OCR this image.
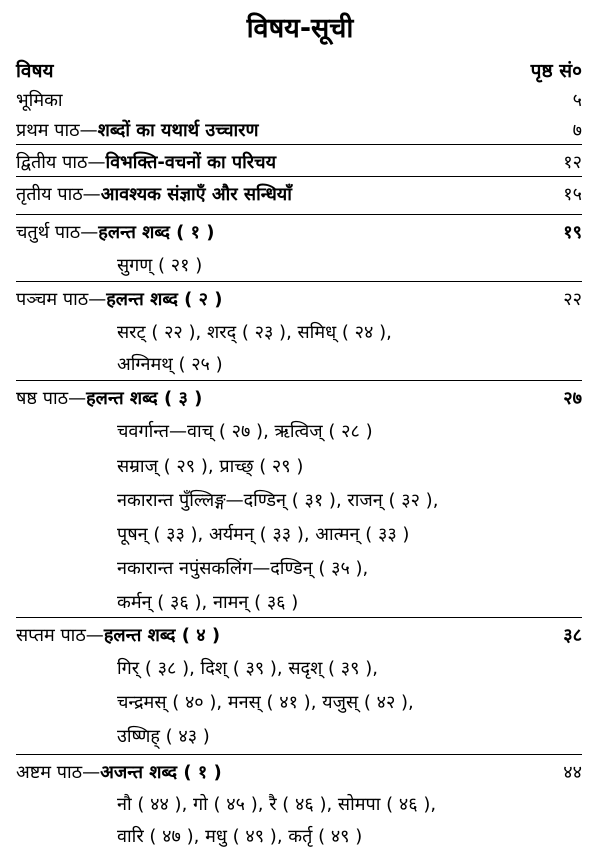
विषय-सूची
विषय	पृष्ठ सं०
भूमिका	५
प्रथम पाठ—शब्दों का यथार्थ उच्चारण	७
द्वितीय पाठ—विभक्ति-वचनों का परिचय	१२
तृतीय पाठ—आवश्यक संज्ञाएँ और सन्धियाँ	१५
चतुर्थ पाठ—हलन्त शब्द ( १ )	१९
सुगण् ( २१ )
पञ्चम पाठ—हलन्त शब्द ( २ )	२२
सरट् ( २२ ), शरद् ( २३ ), समिध् ( २४ ),
अग्निमथ् ( २५ )
षष्ठ पाठ—हलन्त शब्द ( ३ )	२७
चवर्गान्त—वाच् ( २७ ), ऋत्विज् ( २८ )
सम्राज् ( २९ ), प्राच्छ् ( २९ )
नकारान्त पुँल्लिङ्ग—दण्डिन् ( ३१ ), राजन् ( ३२ ),
पूषन् ( ३३ ), अर्यमन् ( ३३ ), आत्मन् ( ३३ )
नकारान्त नपुंसकलिंग—दण्डिन् ( ३५ ),
कर्मन् ( ३६ ), नामन् ( ३६ )
सप्तम पाठ—हलन्त शब्द ( ४ )	३८
गिर् ( ३८ ), दिश् ( ३९ ), सदृश् ( ३९ ),
चन्द्रमस् ( ४० ), मनस् ( ४१ ), यजुस् ( ४२ ),
उष्णिह् ( ४३ )
अष्टम पाठ—अजन्त शब्द ( १ )	४४
नौ ( ४४ ), गो ( ४५ ), रै ( ४६ ), सोमपा ( ४६ ),
वारि ( ४७ ), मधु ( ४९ ), कर्तृ ( ४९ )
